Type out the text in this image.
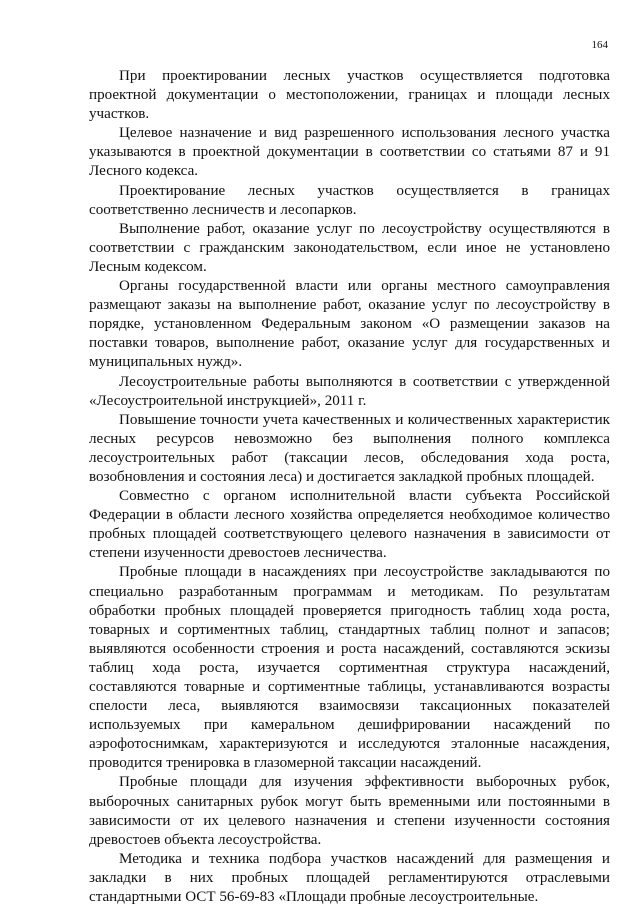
164

При проектировании лесных участков осуществляется подготовка проектной документации о местоположении, границах и площади лесных участков.

Целевое назначение и вид разрешенного использования лесного участка указываются в проектной документации в соответствии со статьями 87 и 91 Лесного кодекса.

Проектирование лесных участков осуществляется в границах соответственно лесничеств и лесопарков.

Выполнение работ, оказание услуг по лесоустройству осуществляются в соответствии с гражданским законодательством, если иное не установлено Лесным кодексом.

Органы государственной власти или органы местного самоуправления размещают заказы на выполнение работ, оказание услуг по лесоустройству в порядке, установленном Федеральным законом «О размещении заказов на поставки товаров, выполнение работ, оказание услуг для государственных и муниципальных нужд».

Лесоустроительные работы выполняются в соответствии с утвержденной «Лесоустроительной инструкцией», 2011 г.

Повышение точности учета качественных и количественных характеристик лесных ресурсов невозможно без выполнения полного комплекса лесоустроительных работ (таксации лесов, обследования хода роста, возобновления и состояния леса) и достигается закладкой пробных площадей.

Совместно с органом исполнительной власти субъекта Российской Федерации в области лесного хозяйства определяется необходимое количество пробных площадей соответствующего целевого назначения в зависимости от степени изученности древостоев лесничества.

Пробные площади в насаждениях при лесоустройстве закладываются по специально разработанным программам и методикам. По результатам обработки пробных площадей проверяется пригодность таблиц хода роста, товарных и сортиментных таблиц, стандартных таблиц полнот и запасов; выявляются особенности строения и роста насаждений, составляются эскизы таблиц хода роста, изучается сортиментная структура насаждений, составляются товарные и сортиментные таблицы, устанавливаются возрасты спелости леса, выявляются взаимосвязи таксационных показателей используемых при камеральном дешифрировании насаждений по аэрофотоснимкам, характеризуются и исследуются эталонные насаждения, проводится тренировка в глазомерной таксации насаждений.

Пробные площади для изучения эффективности выборочных рубок, выборочных санитарных рубок могут быть временными или постоянными в зависимости от их целевого назначения и степени изученности состояния древостоев объекта лесоустройства.

Методика и техника подбора участков насаждений для размещения и закладки в них пробных площадей регламентируются отраслевыми стандартными ОСТ 56-69-83 «Площади пробные лесоустроительные.
